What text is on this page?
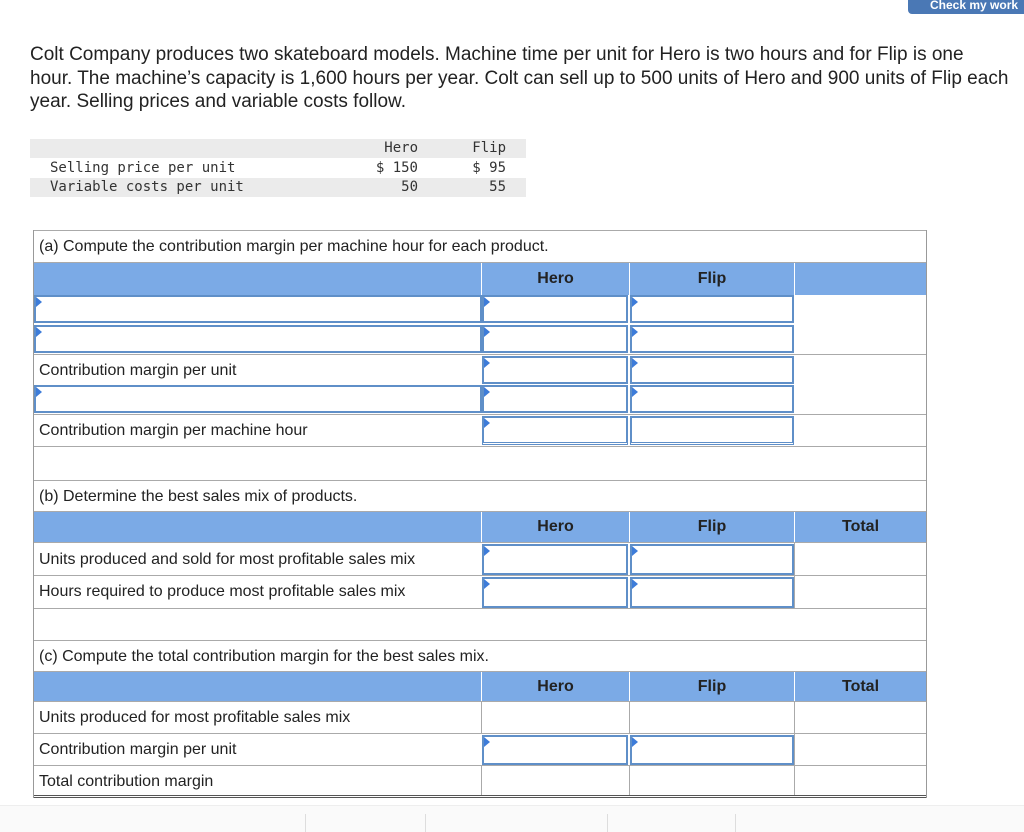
Check my work
Colt Company produces two skateboard models. Machine time per unit for Hero is two hours and for Flip is one
hour. The machine’s capacity is 1,600 hours per year. Colt can sell up to 500 units of Hero and 900 units of Flip each
year. Selling prices and variable costs follow.
Hero	Flip
Selling price per unit	$ 150	$ 95
Variable costs per unit	50	55
(a) Compute the contribution margin per machine hour for each product.
Hero	Flip
Contribution margin per unit
Contribution margin per machine hour
(b) Determine the best sales mix of products.
Hero	Flip	Total
Units produced and sold for most profitable sales mix
Hours required to produce most profitable sales mix
(c) Compute the total contribution margin for the best sales mix.
Hero	Flip	Total
Units produced for most profitable sales mix
Contribution margin per unit
Total contribution margin
